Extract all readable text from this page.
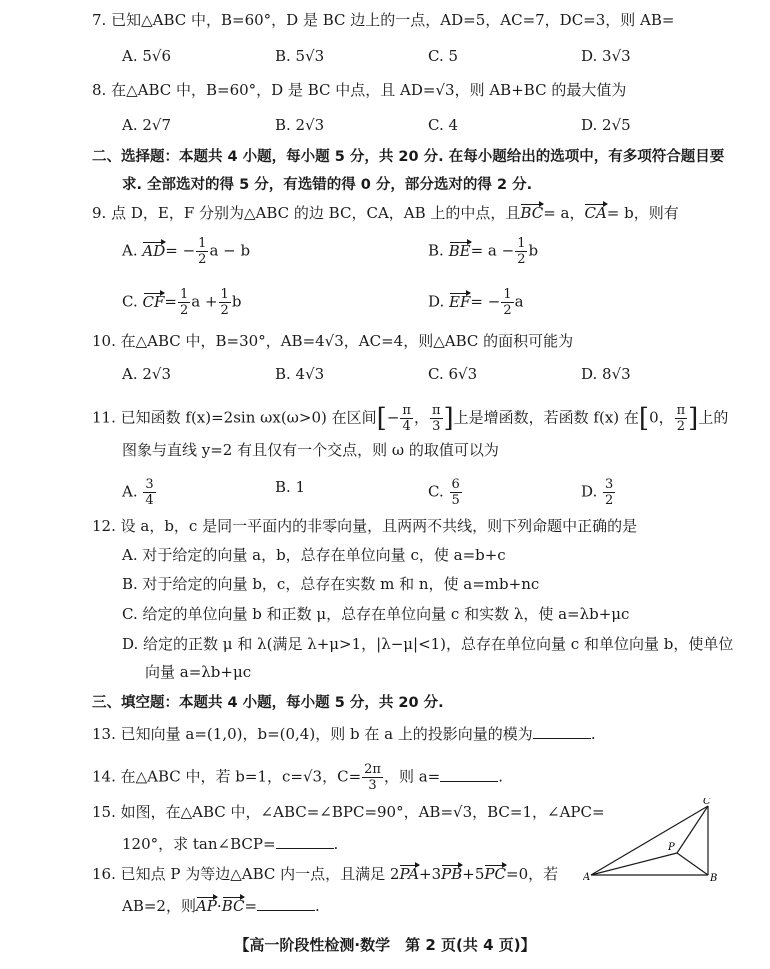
7. 已知△ABC 中，B=60°，D 是 BC 边上的一点，AD=5，AC=7，DC=3，则 AB=
A. 5√6	B. 5√3	C. 5	D. 3√3
8. 在△ABC 中，B=60°，D 是 BC 中点，且 AD=√3，则 AB+BC 的最大值为
A. 2√7	B. 2√3	C. 4	D. 2√5
二、选择题：本题共 4 小题，每小题 5 分，共 20 分. 在每小题给出的选项中，有多项符合题目要
求. 全部选对的得 5 分，有选错的得 0 分，部分选对的得 2 分.
9. 点 D，E，F 分别为△ABC 的边 BC，CA，AB 上的中点，且BC= a，CA= b，则有
A. $AD= - \frac{1}{2}$ a − b	B. $BE= a - \frac{1}{2}$ b
C. $CF= \frac{1}{2}$ $a + \frac{1}{2}$ b	D. $EF= - \frac{1}{2}$ a
10. 在△ABC 中，B=30°，AB=4√3，AC=4，则△ABC 的面积可能为
A. 2√3	B. 4√3	C. 6√3	D. 8√3
11. 已知函数 f(x)=2sin ωx(ω>0) 在区间[− $\frac{\pi}{4}$ ， $\frac{\pi}{3}$ ]上是增函数，若函数 f(x) 在[0， $\frac{\pi}{2}$ ]上的
图象与直线 y=2 有且仅有一个交点，则 ω 的取值可以为
A. $\frac{3}{4}$	B. 1	C. $\frac{6}{5}$	D. $\frac{3}{2}$
12. 设 a，b，c 是同一平面内的非零向量，且两两不共线，则下列命题中正确的是
A. 对于给定的向量 a，b，总存在单位向量 c，使 a=b+c
B. 对于给定的向量 b，c，总存在实数 m 和 n，使 a=mb+nc
C. 给定的单位向量 b 和正数 μ，总存在单位向量 c 和实数 λ，使 a=λb+μc
D. 给定的正数 μ 和 λ(满足 λ+μ>1，|λ−μ|<1)，总存在单位向量 c 和单位向量 b，使单位
向量 a=λb+μc
三、填空题：本题共 4 小题，每小题 5 分，共 20 分.
13. 已知向量 a=(1,0)，b=(0,4)，则 b 在 a 上的投影向量的模为	.
14. 在△ABC 中，若 b=1，c=√3，$C= \frac{2\pi}{3}$ ，则 a=	.
15. 如图，在△ABC 中，∠ABC=∠BPC=90°，AB=√3，BC=1，∠APC=
120°，求 tan∠BCP=	.
A	B
C
P
16. 已知点 P 为等边△ABC 内一点，且满足 2PA+3PB+5PC=0，若
AB=2，则AP·BC=	.
【高一阶段性检测·数学　第 2 页(共 4 页)】
